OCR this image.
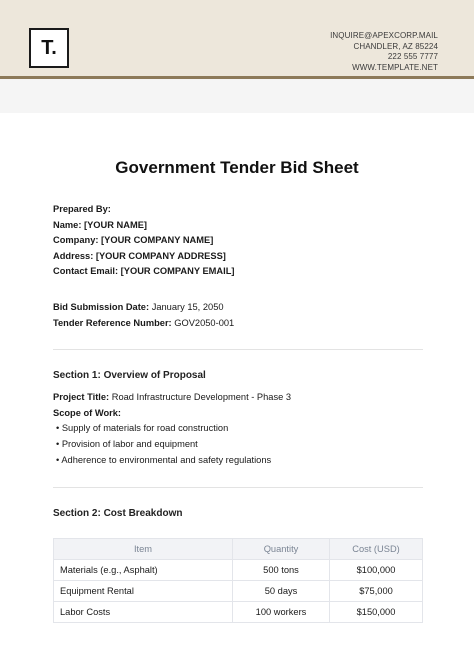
T.
INQUIRE@APEXCORP.MAIL
CHANDLER, AZ 85224
222 555 7777
WWW.TEMPLATE.NET
Government Tender Bid Sheet
Prepared By:
Name: [YOUR NAME]
Company: [YOUR COMPANY NAME]
Address: [YOUR COMPANY ADDRESS]
Contact Email: [YOUR COMPANY EMAIL]
Bid Submission Date: January 15, 2050
Tender Reference Number: GOV2050-001
Section 1: Overview of Proposal
Project Title: Road Infrastructure Development - Phase 3
Scope of Work:
• Supply of materials for road construction
• Provision of labor and equipment
• Adherence to environmental and safety regulations
Section 2: Cost Breakdown
Item	Quantity	Cost (USD)
Materials (e.g., Asphalt)	500 tons	$100,000
Equipment Rental	50 days	$75,000
Labor Costs	100 workers	$150,000
